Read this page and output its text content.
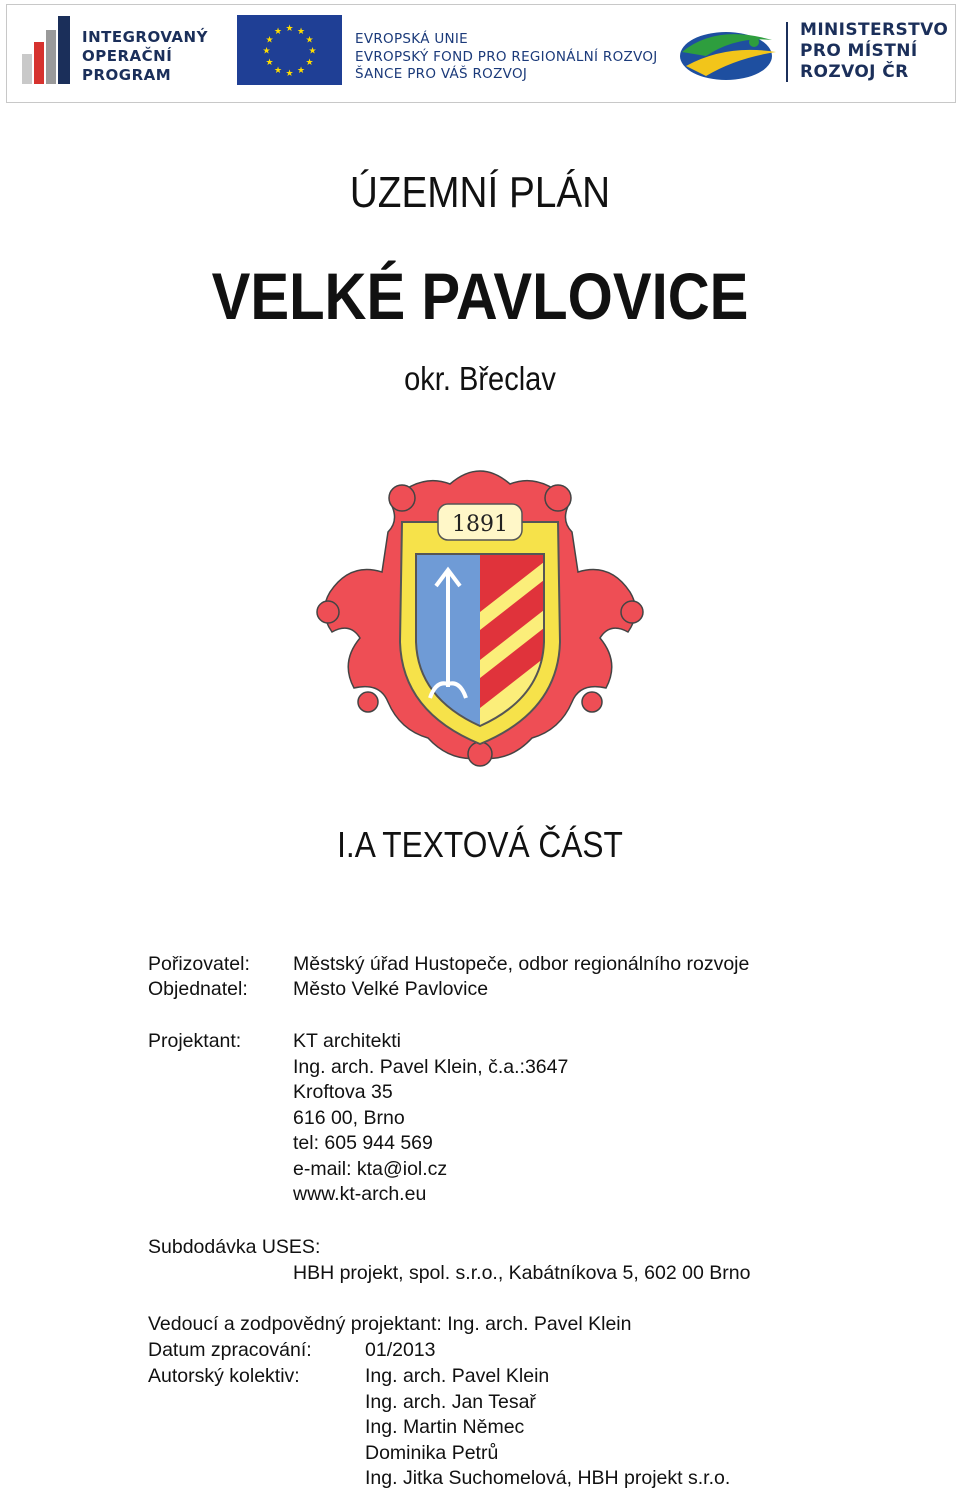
INTEGROVANÝ
OPERAČNÍ
PROGRAM
★ ★
★
★
★
★
★
★
★
★
★
★	EVROPSKÁ UNIE
EVROPSKÝ FOND PRO REGIONÁLNÍ ROZVOJ
ŠANCE PRO VÁŠ ROZVOJ
MINISTERSTVO
PRO MÍSTNÍ
ROZVOJ ČR
ÚZEMNÍ PLÁN
VELKÉ PAVLOVICE
okr. Břeclav
1891
I.A TEXTOVÁ ČÁST
Pořizovatel: Městský úřad Hustopeče, odbor regionálního rozvoje
Objednatel: Město Velké Pavlovice
Projektant:	KT architekti
Ing. arch. Pavel Klein, č.a.:3647
Kroftova 35
616 00, Brno
tel: 605 944 569
e-mail: kta@iol.cz
www.kt-arch.eu
Subdodávka USES:
HBH projekt, spol. s.r.o., Kabátníkova 5, 602 00 Brno
Vedoucí a zodpovědný projektant: Ing. arch. Pavel Klein
Datum zpracování:	01/2013
Autorský kolektiv:	Ing. arch. Pavel Klein
Ing. arch. Jan Tesař
Ing. Martin Němec
Dominika Petrů
Ing. Jitka Suchomelová, HBH projekt s.r.o.
